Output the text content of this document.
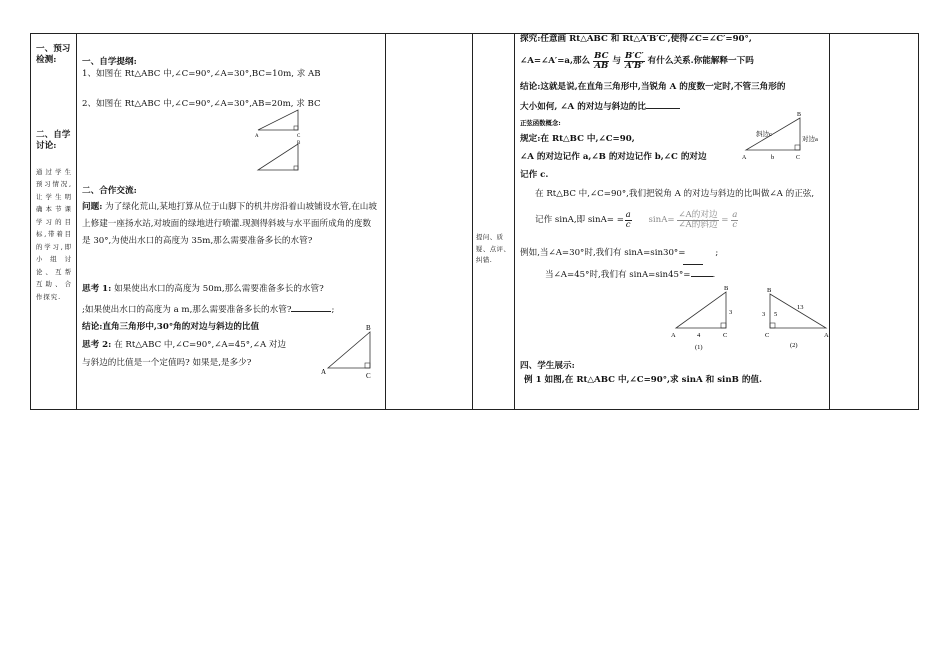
一、预习检测:
二、自学讨论:
通过学生预习情况,让学生明确本节课学习的目标,带着目的学习,即小组讨论、互帮互助、合作探究.
一、自学提纲:
1、如图在 Rt△ABC 中,∠C=90°,∠A=30°,BC=10m, 求 AB
2、如图在 Rt△ABC 中,∠C=90°,∠A=30°,AB=20m, 求 BC
A	C
B
二、合作交流:
问题: 为了绿化荒山,某地打算从位于山脚下的机井房沿着山坡铺设水管,在山坡上修建一座扬水站,对坡面的绿地进行喷灌.现测得斜坡与水平面所成角的度数是 30°,为使出水口的高度为 35m,那么需要准备多长的水管?
思考 1: 如果使出水口的高度为 50m,那么需要准备多长的水管?
;如果使出水口的高度为 a m,那么需要准备多长的水管?	;
结论:直角三角形中,30°角的对边与斜边的比值
思考 2: 在 Rt△ABC 中,∠C=90°,∠A=45°,∠A 对边
与斜边的比值是一个定值吗? 如果是,是多少?
A
B
C
提问、质疑、点评、纠错.
探究:任意画 Rt△ABC 和 Rt△A′B′C′,使得∠C=∠C′=90°,
∠A=∠A′=a,那么 $\frac{BC}{AB}$ 与 $\frac{B'C'}{A'B'}$ 有什么关系.你能解释一下吗
结论:这就是说,在直角三角形中,当锐角 A 的度数一定时,不管三角形的
大小如何, ∠A 的对边与斜边的比
正弦函数概念:
规定:在 Rt△BC 中,∠C=90,
∠A 的对边记作 a,∠B 的对边记作 b,∠C 的对边
记作 c.
斜边c
对边a
b
A
B
C
在 Rt△BC 中,∠C=90°,我们把锐角 A 的对边与斜边的比叫做∠A 的正弦,
记作 sinA,即 $\sin A= = \frac{a}{c} \sin A= \frac{\text{∠A的对边}}{\text{∠A的斜边}} = \frac{a}{c}$
例如,当∠A=30°时,我们有 sinA=sin30°=	;
当∠A=45°时,我们有 sinA=sin45°=	.
A
B
C
3
4
(1)
A
B
C
3 5
13
(2)
四、学生展示:
例 1 如图,在 Rt△ABC 中,∠C=90°,求 sinA 和 sinB 的值.
